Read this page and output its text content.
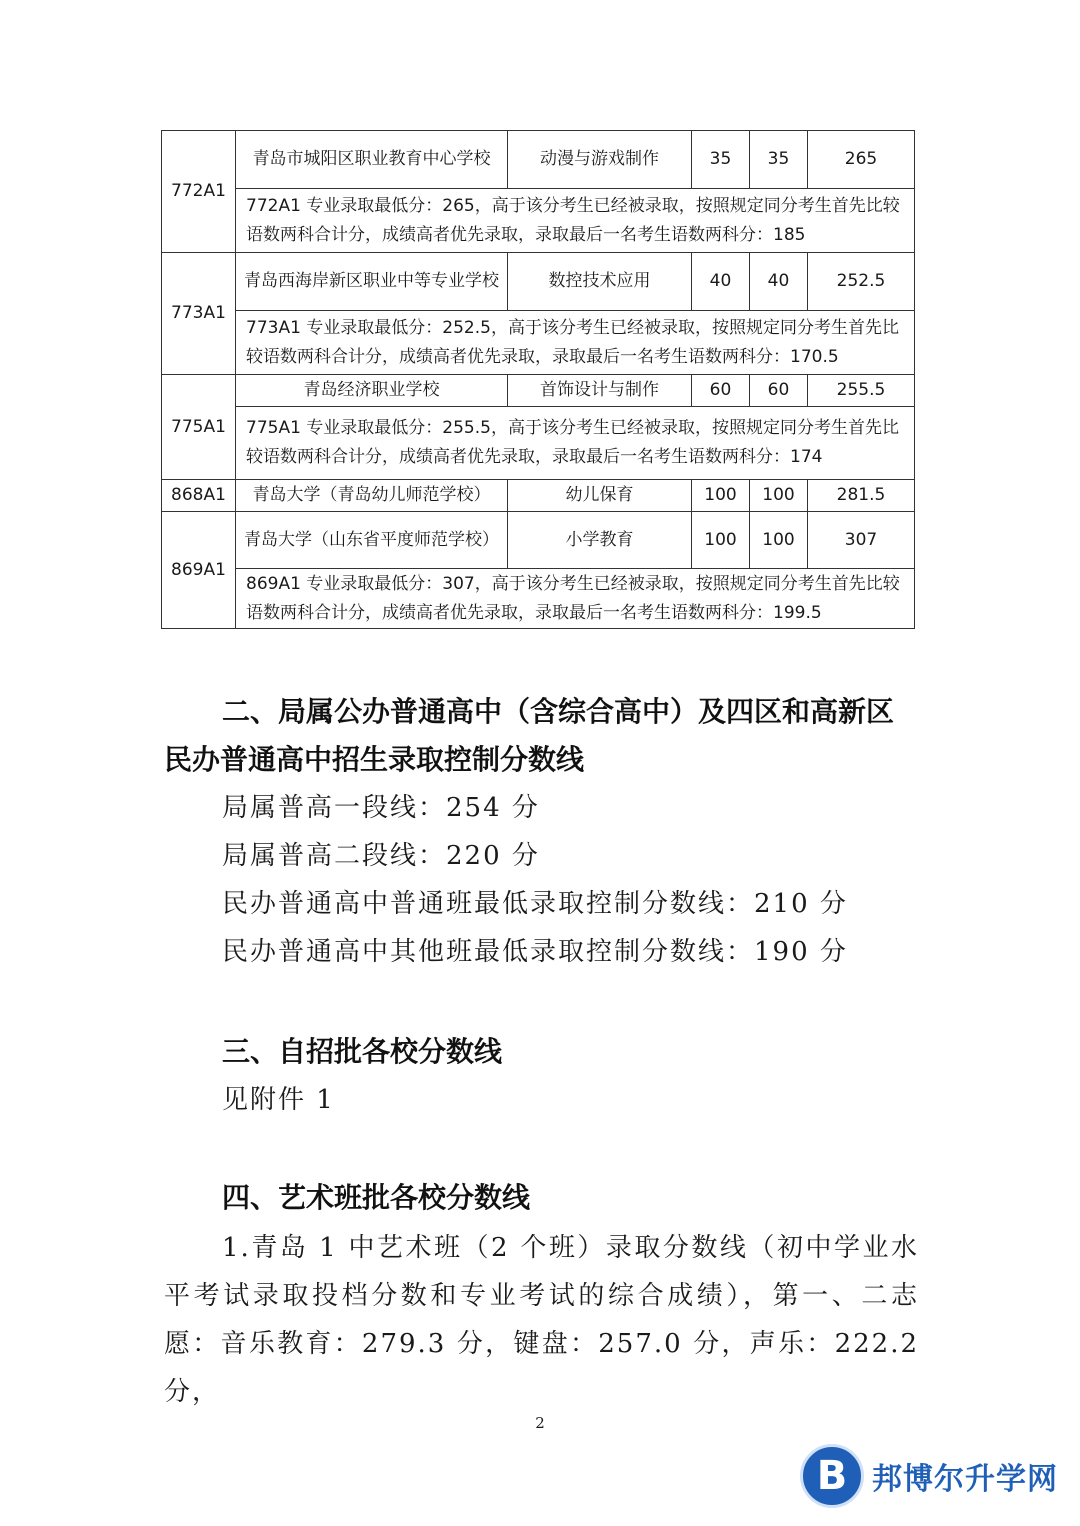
772A1	青岛市城阳区职业教育中心学校	动漫与游戏制作	35	35	265
	772A1 专业录取最低分：265，高于该分考生已经被录取，按照规定同分考生首先比较语数两科合计分，成绩高者优先录取，录取最后一名考生语数两科分：185				
773A1	青岛西海岸新区职业中等专业学校	数控技术应用	40	40	252.5
	773A1 专业录取最低分：252.5，高于该分考生已经被录取，按照规定同分考生首先比较语数两科合计分，成绩高者优先录取，录取最后一名考生语数两科分：170.5				
775A1	青岛经济职业学校	首饰设计与制作	60	60	255.5
	775A1 专业录取最低分：255.5，高于该分考生已经被录取，按照规定同分考生首先比较语数两科合计分，成绩高者优先录取，录取最后一名考生语数两科分：174				
868A1	青岛大学（青岛幼儿师范学校）	幼儿保育	100	100	281.5
869A1	青岛大学（山东省平度师范学校）	小学教育	100	100	307
	869A1 专业录取最低分：307，高于该分考生已经被录取，按照规定同分考生首先比较语数两科合计分，成绩高者优先录取，录取最后一名考生语数两科分：199.5				
二、局属公办普通高中（含综合高中）及四区和高新区民办普通高中招生录取控制分数线
局属普高一段线：254 分
局属普高二段线：220 分
民办普通高中普通班最低录取控制分数线：210 分
民办普通高中其他班最低录取控制分数线：190 分
三、自招批各校分数线
见附件 1
四、艺术班批各校分数线
1.青岛 1 中艺术班（2 个班）录取分数线（初中学业水平考试录取投档分数和专业考试的综合成绩），第一、二志愿：音乐教育：279.3 分，键盘：257.0 分，声乐：222.2 分，
2
B 邦博尔升学网
